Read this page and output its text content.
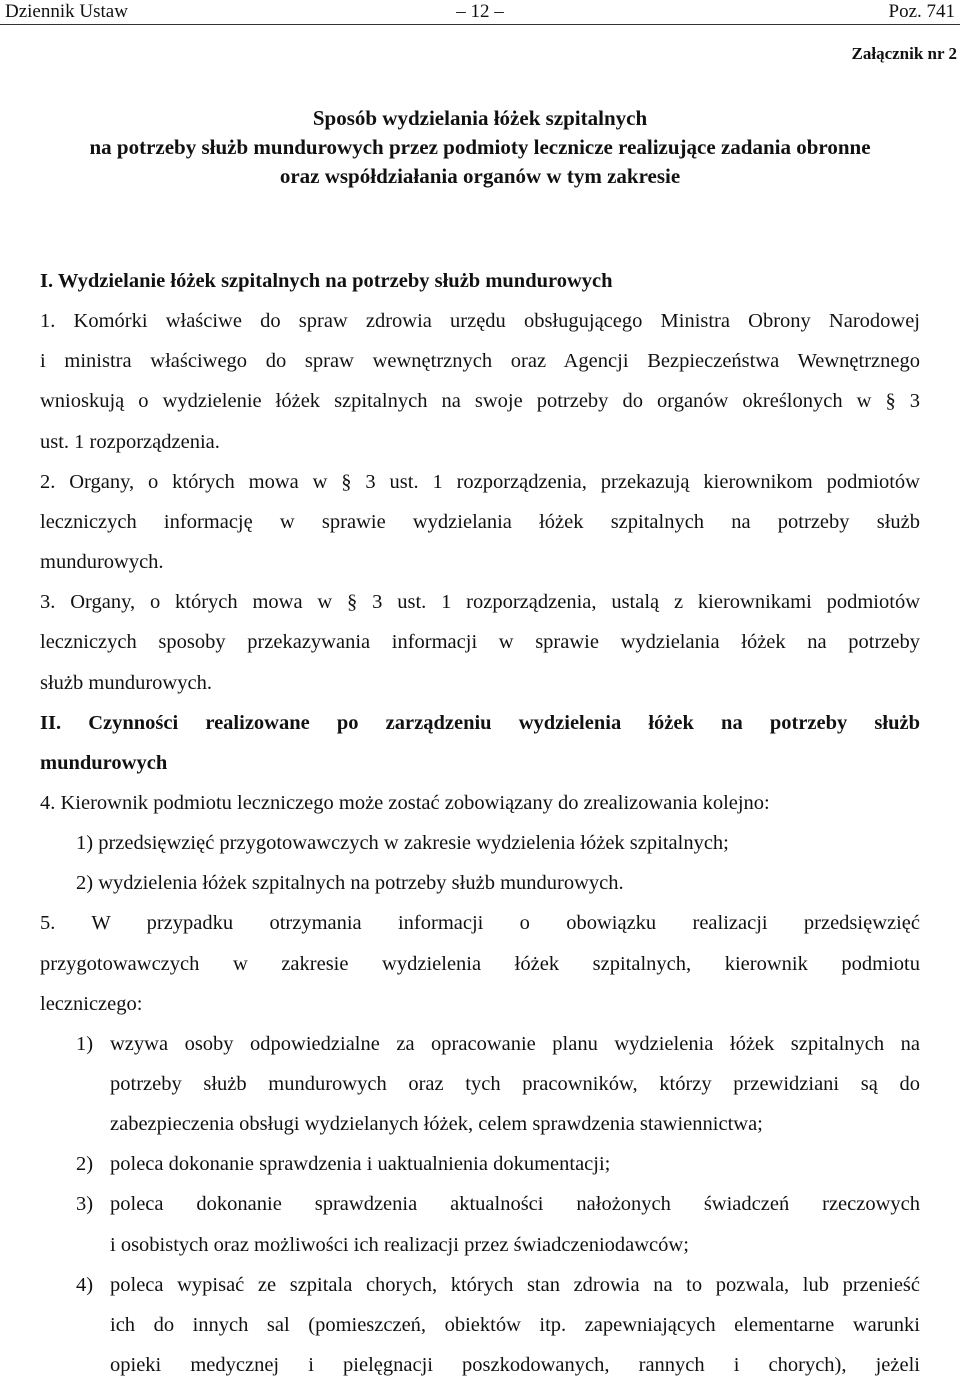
Dziennik Ustaw	– 12 –	Poz. 741
Załącznik nr 2
Sposób wydzielania łóżek szpitalnych
na potrzeby służb mundurowych przez podmioty lecznicze realizujące zadania obronne
oraz współdziałania organów w tym zakresie
I. Wydzielanie łóżek szpitalnych na potrzeby służb mundurowych
1. Komórki właściwe do spraw zdrowia urzędu obsługującego Ministra Obrony Narodowej
i ministra właściwego do spraw wewnętrznych oraz Agencji Bezpieczeństwa Wewnętrznego
wnioskują o wydzielenie łóżek szpitalnych na swoje potrzeby do organów określonych w § 3
ust. 1 rozporządzenia.
2. Organy, o których mowa w § 3 ust. 1 rozporządzenia, przekazują kierownikom podmiotów
leczniczych informację w sprawie wydzielania łóżek szpitalnych na potrzeby służb
mundurowych.
3. Organy, o których mowa w § 3 ust. 1 rozporządzenia, ustalą z kierownikami podmiotów
leczniczych sposoby przekazywania informacji w sprawie wydzielania łóżek na potrzeby
służb mundurowych.
II. Czynności realizowane po zarządzeniu wydzielenia łóżek na potrzeby służb
mundurowych
4. Kierownik podmiotu leczniczego może zostać zobowiązany do zrealizowania kolejno:
1) przedsięwzięć przygotowawczych w zakresie wydzielenia łóżek szpitalnych;
2) wydzielenia łóżek szpitalnych na potrzeby służb mundurowych.
5. W przypadku otrzymania informacji o obowiązku realizacji przedsięwzięć
przygotowawczych w zakresie wydzielenia łóżek szpitalnych, kierownik podmiotu
leczniczego:
1) wzywa osoby odpowiedzialne za opracowanie planu wydzielenia łóżek szpitalnych na
potrzeby służb mundurowych oraz tych pracowników, którzy przewidziani są do
zabezpieczenia obsługi wydzielanych łóżek, celem sprawdzenia stawiennictwa;
2) poleca dokonanie sprawdzenia i uaktualnienia dokumentacji;
3) poleca dokonanie sprawdzenia aktualności nałożonych świadczeń rzeczowych
i osobistych oraz możliwości ich realizacji przez świadczeniodawców;
4) poleca wypisać ze szpitala chorych, których stan zdrowia na to pozwala, lub przenieść
ich do innych sal (pomieszczeń, obiektów itp. zapewniających elementarne warunki
opieki medycznej i pielęgnacji poszkodowanych, rannych i chorych), jeżeli
